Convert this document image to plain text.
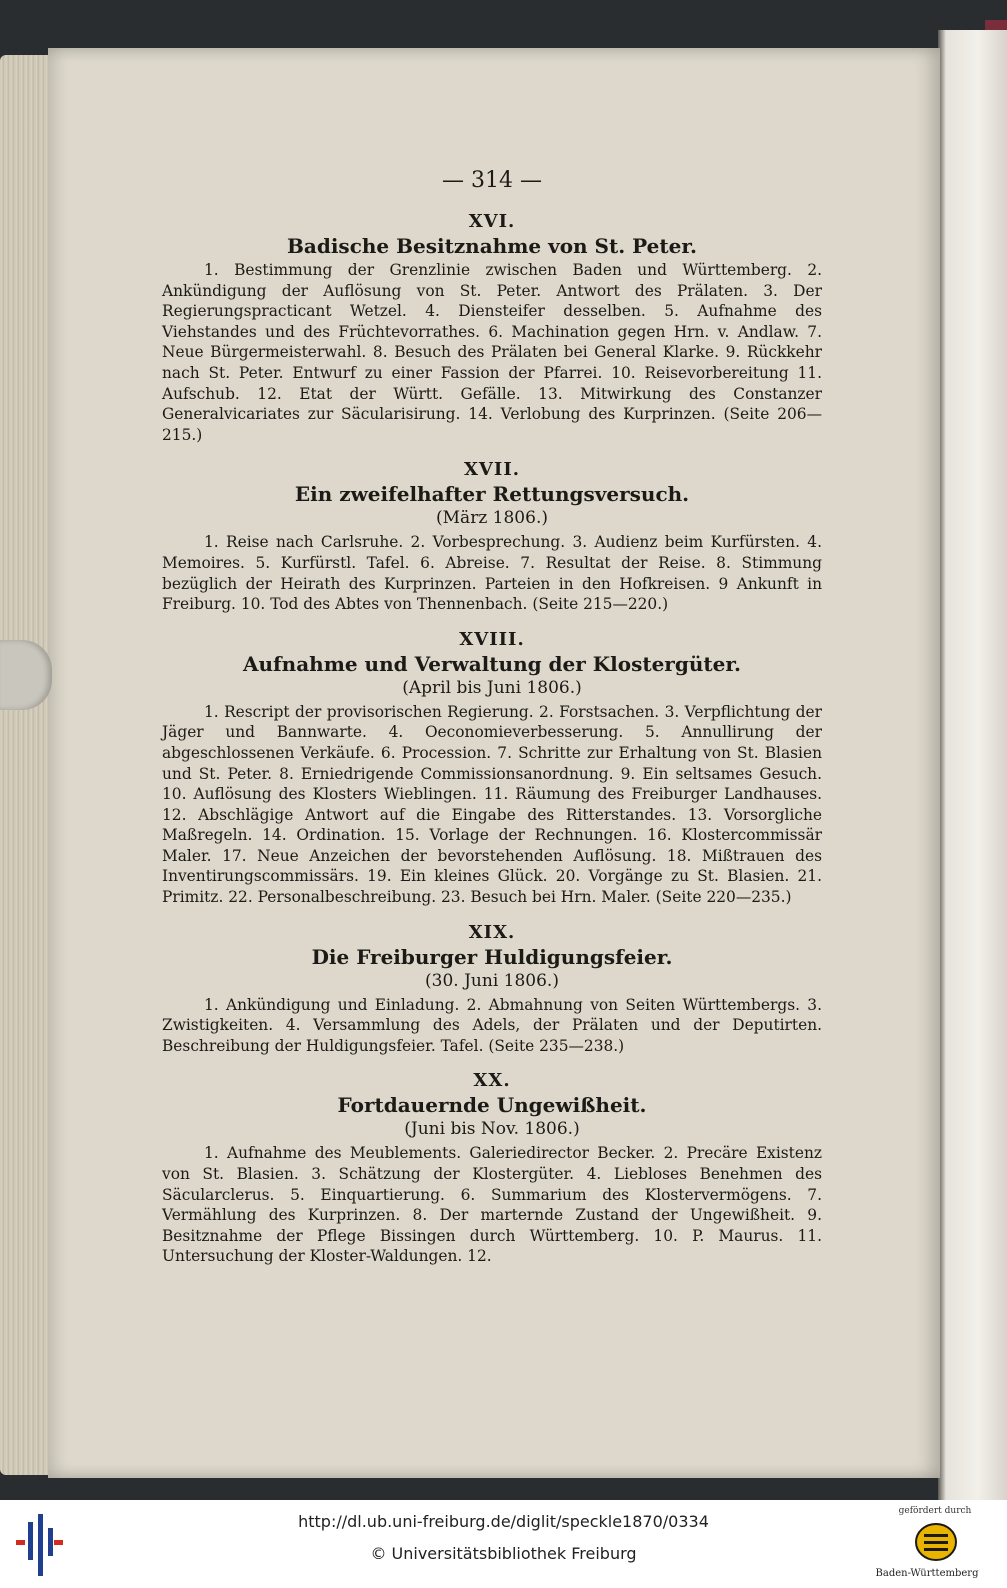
— 314 —
XVI.
Badische Besitznahme von St. Peter.
1. Bestimmung der Grenzlinie zwischen Baden und Württemberg. 2. Ankündigung der Auflösung von St. Peter. Antwort des Prälaten. 3. Der Regierungspracticant Wetzel. 4. Diensteifer desselben. 5. Aufnahme des Viehstandes und des Früchtevorrathes. 6. Machination gegen Hrn. v. Andlaw. 7. Neue Bürgermeisterwahl. 8. Besuch des Prälaten bei General Klarke. 9. Rückkehr nach St. Peter. Entwurf zu einer Fassion der Pfarrei. 10. Reisevorbereitung 11. Aufschub. 12. Etat der Württ. Gefälle. 13. Mitwirkung des Constanzer Generalvicariates zur Säcularisirung. 14. Verlobung des Kurprinzen. (Seite 206—215.)
XVII.
Ein zweifelhafter Rettungsversuch.
(März 1806.)
1. Reise nach Carlsruhe. 2. Vorbesprechung. 3. Audienz beim Kurfürsten. 4. Memoires. 5. Kurfürstl. Tafel. 6. Abreise. 7. Resultat der Reise. 8. Stimmung bezüglich der Heirath des Kurprinzen. Parteien in den Hofkreisen. 9 Ankunft in Freiburg. 10. Tod des Abtes von Thennenbach. (Seite 215—220.)
XVIII.
Aufnahme und Verwaltung der Klostergüter.
(April bis Juni 1806.)
1. Rescript der provisorischen Regierung. 2. Forstsachen. 3. Verpflichtung der Jäger und Bannwarte. 4. Oeconomieverbesserung. 5. Annullirung der abgeschlossenen Verkäufe. 6. Procession. 7. Schritte zur Erhaltung von St. Blasien und St. Peter. 8. Erniedrigende Commissionsanordnung. 9. Ein seltsames Gesuch. 10. Auflösung des Klosters Wieblingen. 11. Räumung des Freiburger Landhauses. 12. Abschlägige Antwort auf die Eingabe des Ritterstandes. 13. Vorsorgliche Maßregeln. 14. Ordination. 15. Vorlage der Rechnungen. 16. Klostercommissär Maler. 17. Neue Anzeichen der bevorstehenden Auflösung. 18. Mißtrauen des Inventirungscommissärs. 19. Ein kleines Glück. 20. Vorgänge zu St. Blasien. 21. Primitz. 22. Personalbeschreibung. 23. Besuch bei Hrn. Maler. (Seite 220—235.)
XIX.
Die Freiburger Huldigungsfeier.
(30. Juni 1806.)
1. Ankündigung und Einladung. 2. Abmahnung von Seiten Württembergs. 3. Zwistigkeiten. 4. Versammlung des Adels, der Prälaten und der Deputirten. Beschreibung der Huldigungsfeier. Tafel. (Seite 235—238.)
XX.
Fortdauernde Ungewißheit.
(Juni bis Nov. 1806.)
1. Aufnahme des Meublements. Galeriedirector Becker. 2. Precäre Existenz von St. Blasien. 3. Schätzung der Klostergüter. 4. Liebloses Benehmen des Säcularclerus. 5. Einquartierung. 6. Summarium des Klostervermögens. 7. Vermählung des Kurprinzen. 8. Der marternde Zustand der Ungewißheit. 9. Besitznahme der Pflege Bissingen durch Württemberg. 10. P. Maurus. 11. Untersuchung der Kloster-Waldungen. 12.
http://dl.ub.uni-freiburg.de/diglit/speckle1870/0334
© Universitätsbibliothek Freiburg
gefördert durch
Baden-Württemberg
